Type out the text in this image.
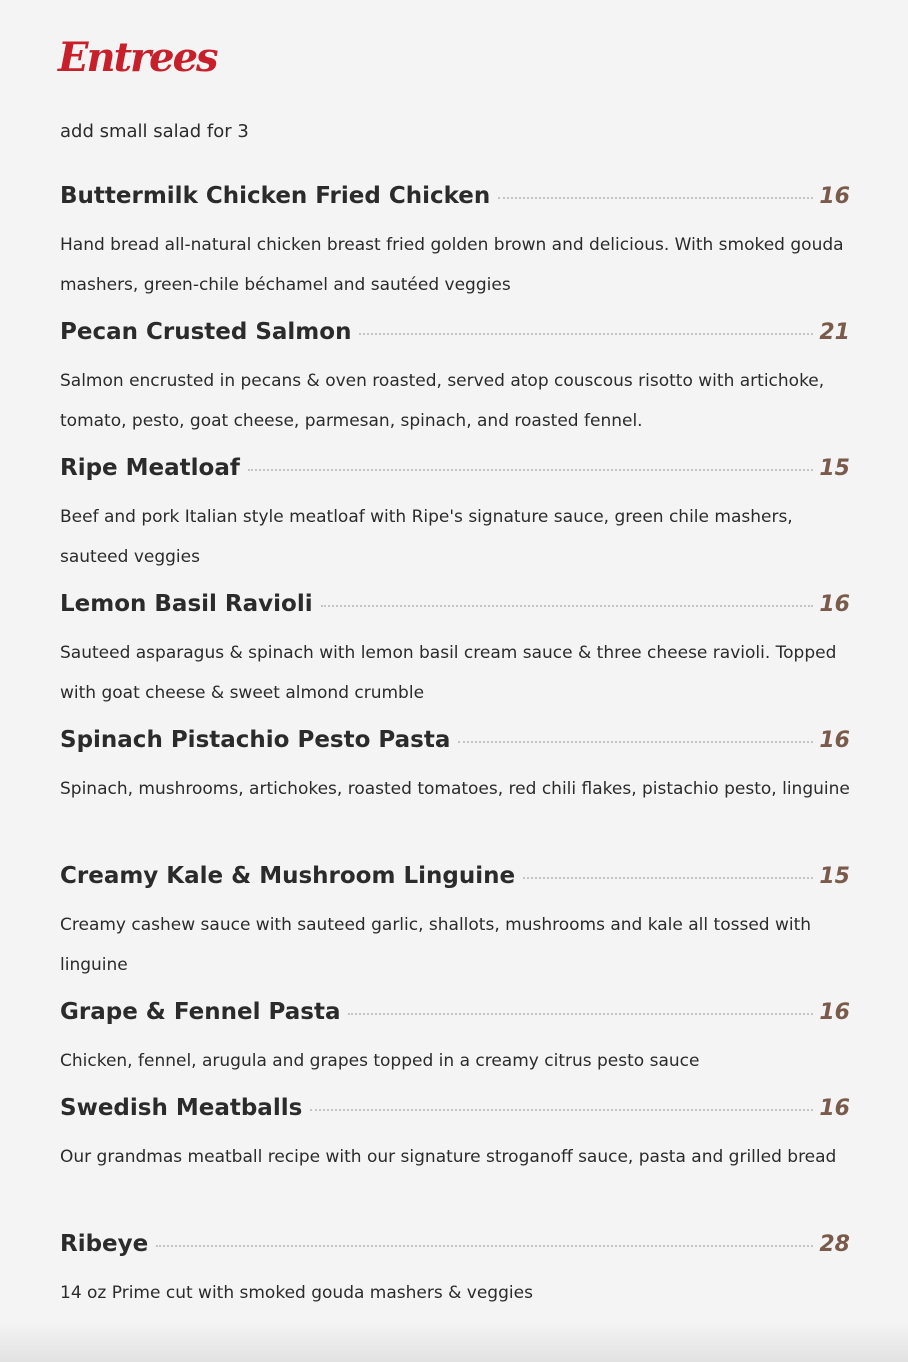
Entrees
add small salad for 3
Buttermilk Chicken Fried Chicken	16

Hand bread all-natural chicken breast fried golden brown and delicious. With smoked gouda mashers, green-chile béchamel and sautéed veggies

Pecan Crusted Salmon	21

Salmon encrusted in pecans & oven roasted, served atop couscous risotto with artichoke, tomato, pesto, goat cheese, parmesan, spinach, and roasted fennel.

Ripe Meatloaf	15

Beef and pork Italian style meatloaf with Ripe's signature sauce, green chile mashers, sauteed veggies

Lemon Basil Ravioli	16

Sauteed asparagus & spinach with lemon basil cream sauce & three cheese ravioli. Topped with goat cheese & sweet almond crumble

Spinach Pistachio Pesto Pasta	16

Spinach, mushrooms, artichokes, roasted tomatoes, red chili flakes, pistachio pesto, linguine

Creamy Kale & Mushroom Linguine	15

Creamy cashew sauce with sauteed garlic, shallots, mushrooms and kale all tossed with linguine

Grape & Fennel Pasta	16

Chicken, fennel, arugula and grapes topped in a creamy citrus pesto sauce

Swedish Meatballs	16

Our grandmas meatball recipe with our signature stroganoff sauce, pasta and grilled bread

Ribeye	28

14 oz Prime cut with smoked gouda mashers & veggies
